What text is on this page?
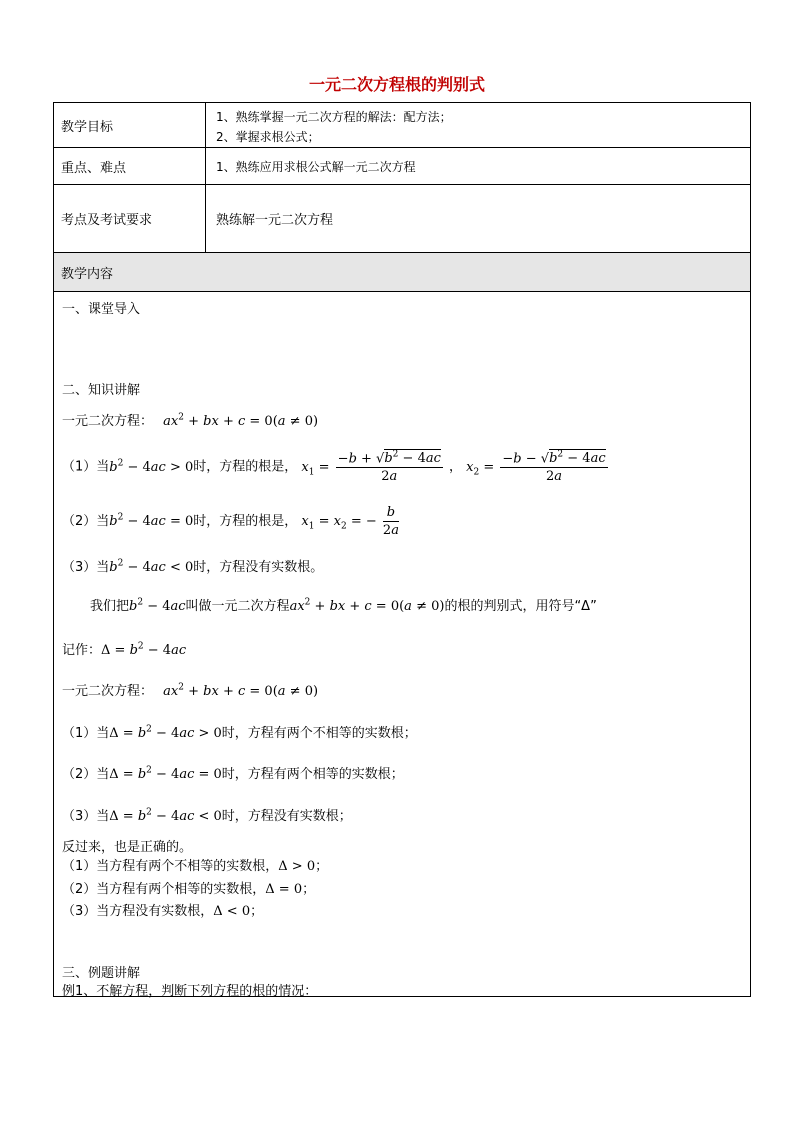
一元二次方程根的判别式
教学目标
1、熟练掌握一元二次方程的解法：配方法；
2、掌握求根公式；
重点、难点	1、熟练应用求根公式解一元二次方程
考点及考试要求	熟练解一元二次方程
教学内容
一、课堂导入
二、知识讲解
一元二次方程： $ax^2$ + bx + c = 0(a ≠ 0)
（1）当$b^2 - 4ac > 0$时，方程的根是， $x_1 = \frac{-b + √b^2 - 4ac}{2a}$ ， $x_2 = \frac{-b - √b^2 - 4ac}{2a}$
（2）当$b^2 - 4ac = 0$时，方程的根是， $x_1 = x_2$ = − $\frac{b}{2a}$
（3）当$b^2 - 4ac < 0$时，方程没有实数根。
我们把$b^2 - 4ac$叫做一元二次方程$ax^2$ + bx + c = 0(a ≠ 0)的根的判别式，用符号“Δ”
记作：$\Delta = b^2 - 4ac$
一元二次方程： $ax^2$ + bx + c = 0(a ≠ 0)
（1）当$\Delta = b^2 - 4ac > 0$时，方程有两个不相等的实数根；
（2）当$\Delta = b^2 - 4ac = 0$时，方程有两个相等的实数根；
（3）当$\Delta = b^2 - 4ac < 0$时，方程没有实数根；
反过来，也是正确的。
（1）当方程有两个不相等的实数根，Δ > 0；
（2）当方程有两个相等的实数根，Δ = 0；
（3）当方程没有实数根，Δ < 0；
三、例题讲解
例1、不解方程，判断下列方程的根的情况：
